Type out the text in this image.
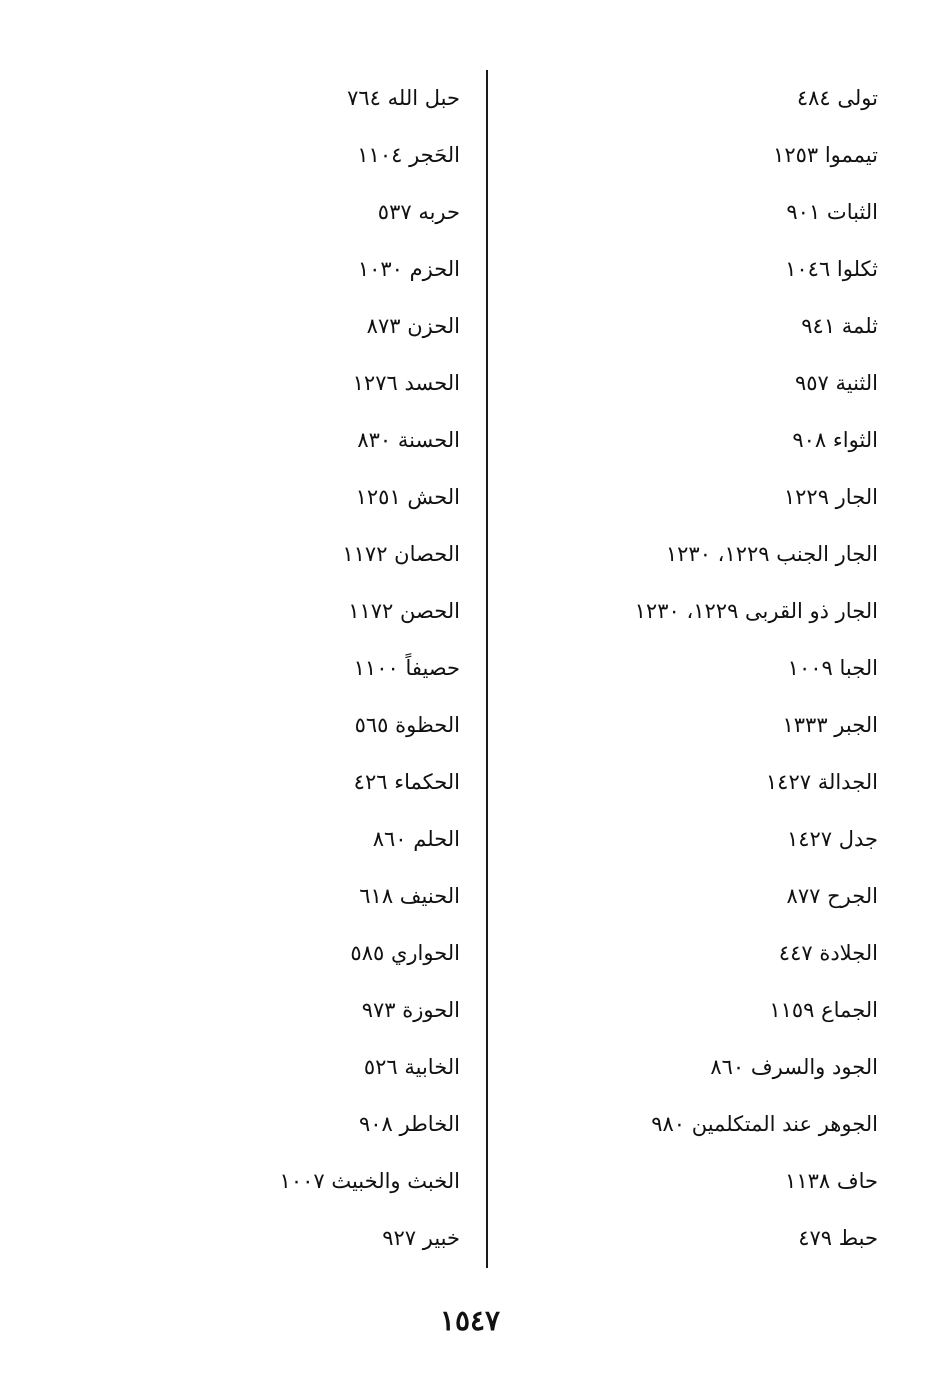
تولى ٤٨٤
تيمموا ١٢٥٣
الثبات ٩٠١
ثكلوا ١٠٤٦
ثلمة ٩٤١
الثنية ٩٥٧
الثواء ٩٠٨
الجار ١٢٢٩
الجار الجنب ١٢٢٩، ١٢٣٠
الجار ذو القربى ١٢٢٩، ١٢٣٠
الجبا ١٠٠٩
الجبر ١٣٣٣
الجدالة ١٤٢٧
جدل ١٤٢٧
الجرح ٨٧٧
الجلادة ٤٤٧
الجماع ١١٥٩
الجود والسرف ٨٦٠
الجوهر عند المتكلمين ٩٨٠
حاف ١١٣٨
حبط ٤٧٩
حبل الله ٧٦٤
الحَجر ١١٠٤
حربه ٥٣٧
الحزم ١٠٣٠
الحزن ٨٧٣
الحسد ١٢٧٦
الحسنة ٨٣٠
الحش ١٢٥١
الحصان ١١٧٢
الحصن ١١٧٢
حصيفاً ١١٠٠
الحظوة ٥٦٥
الحكماء ٤٢٦
الحلم ٨٦٠
الحنيف ٦١٨
الحواري ٥٨٥
الحوزة ٩٧٣
الخابية ٥٢٦
الخاطر ٩٠٨
الخبث والخبيث ١٠٠٧
خبير ٩٢٧
١٥٤٧
